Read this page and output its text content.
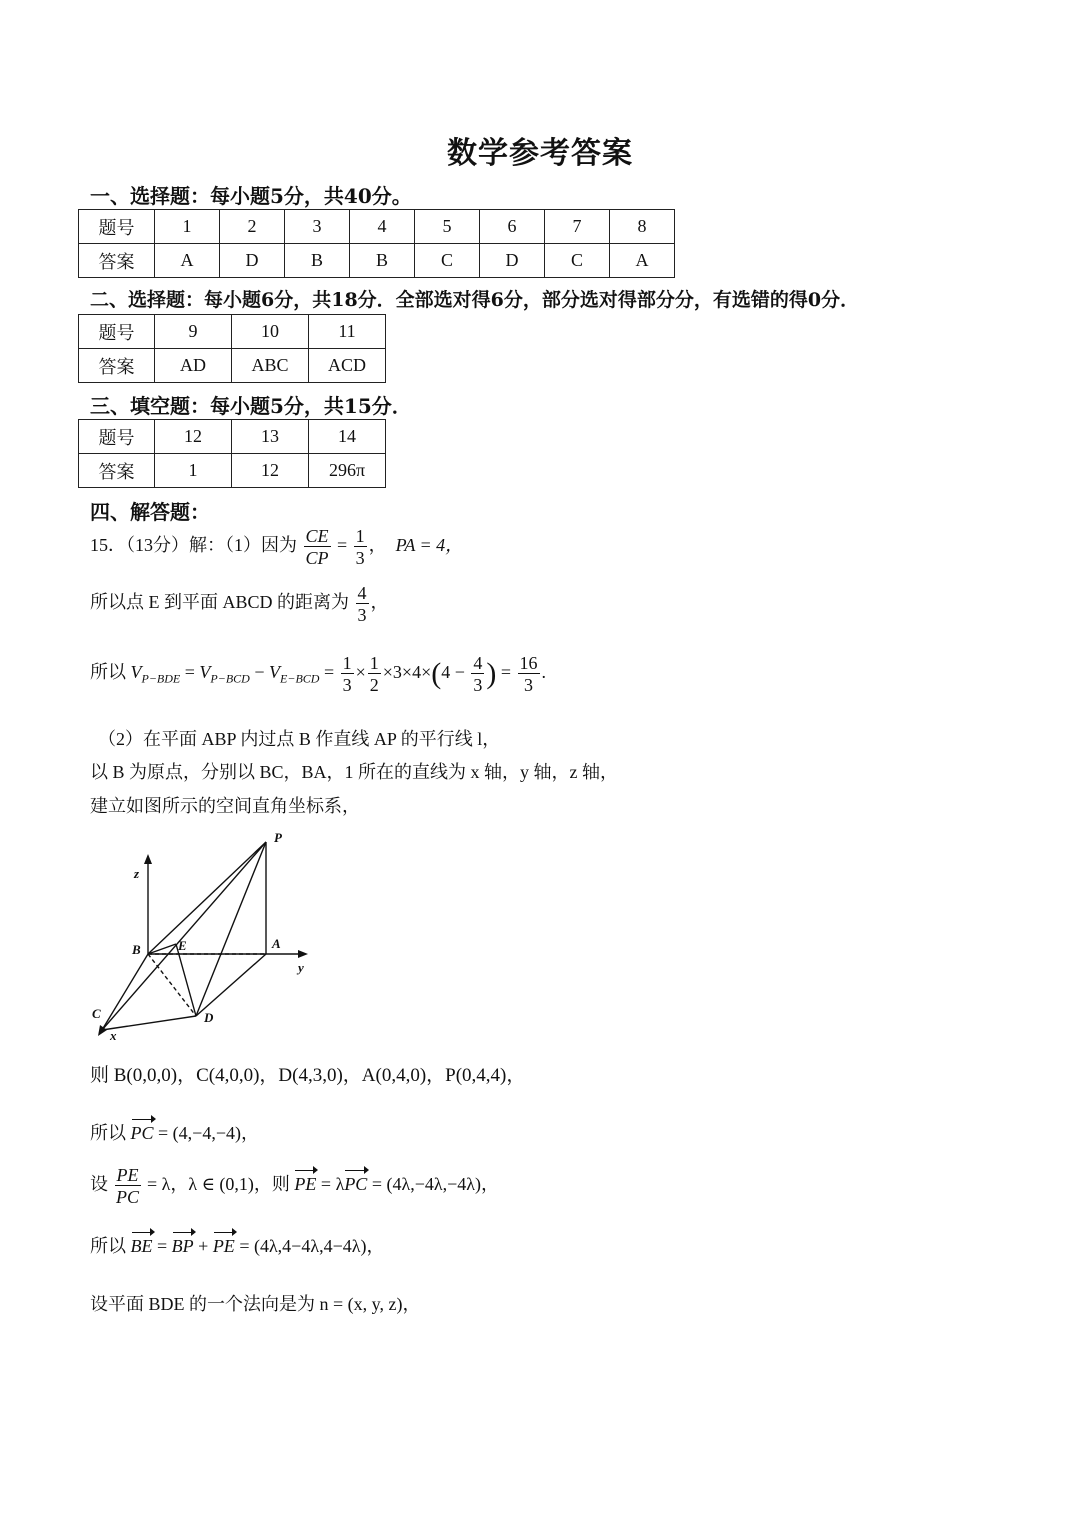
数学参考答案
一、选择题：每小题5分，共40分。
题号	1	2	3	4	5	6	7	8
答案	A	D	B	B	C	D	C	A
二、选择题：每小题6分，共18分．全部选对得6分，部分选对得部分分，有选错的得0分．
题号	9	10	11
答案	AD	ABC	ACD
三、填空题：每小题5分，共15分．
题号	12	13	14
答案	1	12	296π
四、解答题：
15．（13分）解：（1）因为 $\frac{CE}{CP} = \frac{1}{3}$ ，  PA = 4，
所以点 E 到平面 ABCD 的距离为 $\frac{4}{3}$ ，
所以 $V_{P-BDE} = V_{P-BCD} - V_{E-BCD} = \frac{1}{3} \times \frac{1}{2} \times 3\times 4\times(4 - \frac{4}{3}$ ) = $\frac{16}{3}$ .
（2）在平面 ABP 内过点 B 作直线 AP 的平行线 l，
以 B 为原点，分别以 BC，BA，1 所在的直线为 x 轴，y 轴，z 轴，
建立如图所示的空间直角坐标系，
P
z
B	E	A
y
C
x
D
则 B(0,0,0)，C(4,0,0)，D(4,3,0)，A(0,4,0)，P(0,4,4)，
所以 PC = (4,−4,−4)，
设 $\frac{PE}{PC} = \lambda$，λ ∈ (0,1)，则 PE = λPC = (4λ,−4λ,−4λ)，
所以 BE = BP + PE = (4λ,4−4λ,4−4λ)，
设平面 BDE 的一个法向是为 n = (x, y, z)，
